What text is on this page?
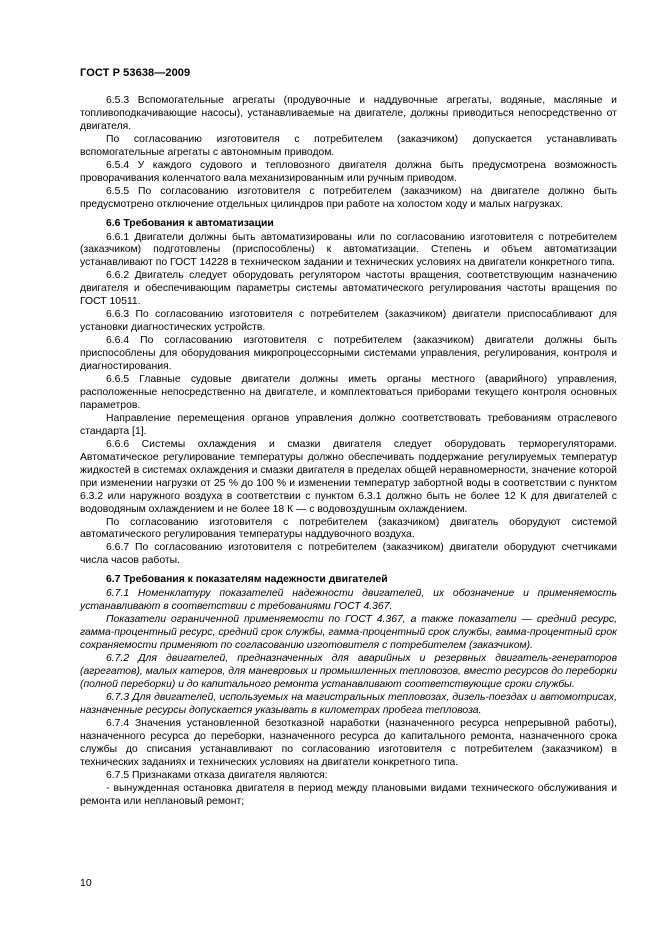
ГОСТ Р 53638—2009

6.5.3 Вспомогательные агрегаты (продувочные и наддувочные агрегаты, водяные, масляные и топливоподкачивающие насосы), устанавливаемые на двигателе, должны приводиться непосредственно от двигателя.

По согласованию изготовителя с потребителем (заказчиком) допускается устанавливать вспомогательные агрегаты с автономным приводом.

6.5.4 У каждого судового и тепловозного двигателя должна быть предусмотрена возможность проворачивания коленчатого вала механизированным или ручным приводом.

6.5.5 По согласованию изготовителя с потребителем (заказчиком) на двигателе должно быть предусмотрено отключение отдельных цилиндров при работе на холостом ходу и малых нагрузках.

6.6 Требования к автоматизации

6.6.1 Двигатели должны быть автоматизированы или по согласованию изготовителя с потребителем (заказчиком) подготовлены (приспособлены) к автоматизации. Степень и объем автоматизации устанавливают по ГОСТ 14228 в техническом задании и технических условиях на двигатели конкретного типа.

6.6.2 Двигатель следует оборудовать регулятором частоты вращения, соответствующим назначению двигателя и обеспечивающим параметры системы автоматического регулирования частоты вращения по ГОСТ 10511.

6.6.3 По согласованию изготовителя с потребителем (заказчиком) двигатели приспосабливают для установки диагностических устройств.

6.6.4 По согласованию изготовителя с потребителем (заказчиком) двигатели должны быть приспособлены для оборудования микропроцессорными системами управления, регулирования, контроля и диагностирования.

6.6.5 Главные судовые двигатели должны иметь органы местного (аварийного) управления, расположенные непосредственно на двигателе, и комплектоваться приборами текущего контроля основных параметров.

Направление перемещения органов управления должно соответствовать требованиям отраслевого стандарта [1].

6.6.6 Системы охлаждения и смазки двигателя следует оборудовать терморегуляторами. Автоматическое регулирование температуры должно обеспечивать поддержание регулируемых температур жидкостей в системах охлаждения и смазки двигателя в пределах общей неравномерности, значение которой при изменении нагрузки от 25 % до 100 % и изменении температур забортной воды в соответствии с пунктом 6.3.2 или наружного воздуха в соответствии с пунктом 6.3.1 должно быть не более 12 К для двигателей с водоводяным охлаждением и не более 18 К — с водовоздушным охлаждением.

По согласованию изготовителя с потребителем (заказчиком) двигатель оборудуют системой автоматического регулирования температуры наддувочного воздуха.

6.6.7 По согласованию изготовителя с потребителем (заказчиком) двигатели оборудуют счетчиками числа часов работы.

6.7 Требования к показателям надежности двигателей

6.7.1 Номенклатуру показателей надежности двигателей, их обозначение и применяемость устанавливают в соответствии с требованиями ГОСТ 4.367.

Показатели ограниченной применяемости по ГОСТ 4.367, а также показатели — средний ресурс, гамма-процентный ресурс, средний срок службы, гамма-процентный срок службы, гамма-процентный срок сохраняемости применяют по согласованию изготовителя с потребителем (заказчиком).

6.7.2 Для двигателей, предназначенных для аварийных и резервных двигатель-генераторов (агрегатов), малых катеров, для маневровых и промышленных тепловозов, вместо ресурсов до переборки (полной переборки) и до капитального ремонта устанавливают соответствующие сроки службы.

6.7.3 Для двигателей, используемых на магистральных тепловозах, дизель-поездах и автомотрисах, назначенные ресурсы допускается указывать в километрах пробега тепловоза.

6.7.4 Значения установленной безотказной наработки (назначенного ресурса непрерывной работы), назначенного ресурса до переборки, назначенного ресурса до капитального ремонта, назначенного срока службы до списания устанавливают по согласованию изготовителя с потребителем (заказчиком) в технических заданиях и технических условиях на двигатели конкретного типа.

6.7.5 Признаками отказа двигателя являются:

- вынужденная остановка двигателя в период между плановыми видами технического обслуживания и ремонта или неплановый ремонт;

10
